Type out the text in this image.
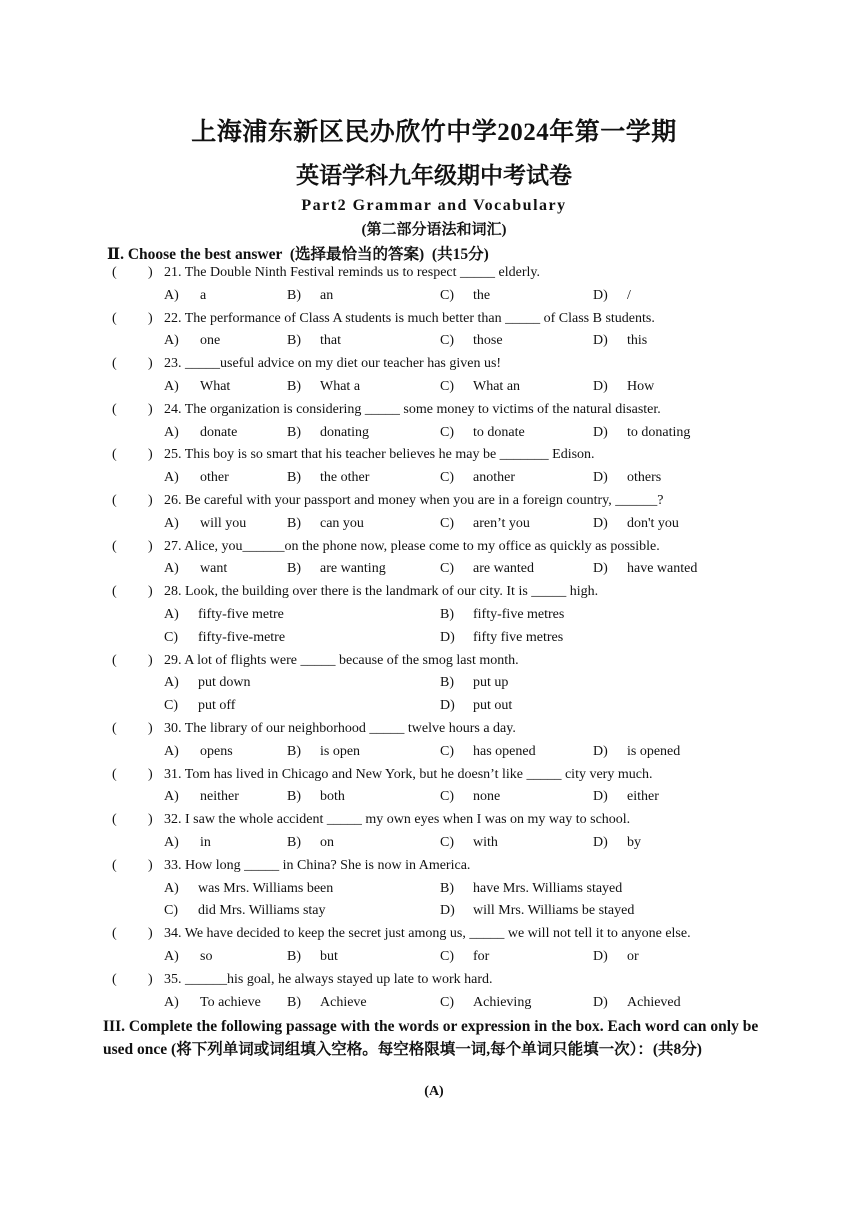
上海浦东新区民办欣竹中学2024年第一学期
英语学科九年级期中考试卷
Part2 Grammar and Vocabulary
(第二部分语法和词汇)
Ⅱ. Choose the best answer  (选择最恰当的答案)  (共15分)
( ) 21. The Double Ninth Festival reminds us to respect _____ elderly.
A) a	B) an	C) the	D) /
( ) 22. The performance of Class A students is much better than _____ of Class B students.
A) one	B) that	C) those	D) this
( ) 23. _____useful advice on my diet our teacher has given us!
A) What	B) What a	C) What an	D) How
( ) 24. The organization is considering _____ some money to victims of the natural disaster.
A) donate	B) donating	C) to donate	D) to donating
( ) 25. This boy is so smart that his teacher believes he may be _______ Edison.
A) other	B) the other	C) another	D) others
( ) 26. Be careful with your passport and money when you are in a foreign country, ______?
A) will you	B) can you	C) aren’t you	D) don't you
( ) 27. Alice, you______on the phone now, please come to my office as quickly as possible.
A) want	B) are wanting	C) are wanted	D) have wanted
( ) 28. Look, the building over there is the landmark of our city. It is _____ high.
A) fifty-five metre	B) fifty-five metres
C) fifty-five-metre	D) fifty five metres
( ) 29. A lot of flights were _____ because of the smog last month.
A) put down	B) put up
C) put off	D) put out
( ) 30. The library of our neighborhood _____ twelve hours a day.
A) opens	B) is open	C) has opened	D) is opened
( ) 31. Tom has lived in Chicago and New York, but he doesn’t like _____ city very much.
A) neither	B) both	C) none	D) either
( ) 32. I saw the whole accident _____ my own eyes when I was on my way to school.
A) in	B) on	C) with	D) by
( ) 33. How long _____ in China? She is now in America.
A) was Mrs. Williams been	B) have Mrs. Williams stayed
C) did Mrs. Williams stay	D) will Mrs. Williams be stayed
( ) 34. We have decided to keep the secret just among us, _____ we will not tell it to anyone else.
A) so	B) but	C) for	D) or
( ) 35. ______his goal, he always stayed up late to work hard.
A) To achieve B) Achieve	C) Achieving	D) Achieved
III. Complete the following passage with the words or expression in the box. Each word can only be used once (将下列单词或词组填入空格。每空格限填一词,每个单词只能填一次）：(共8分)
(A)
